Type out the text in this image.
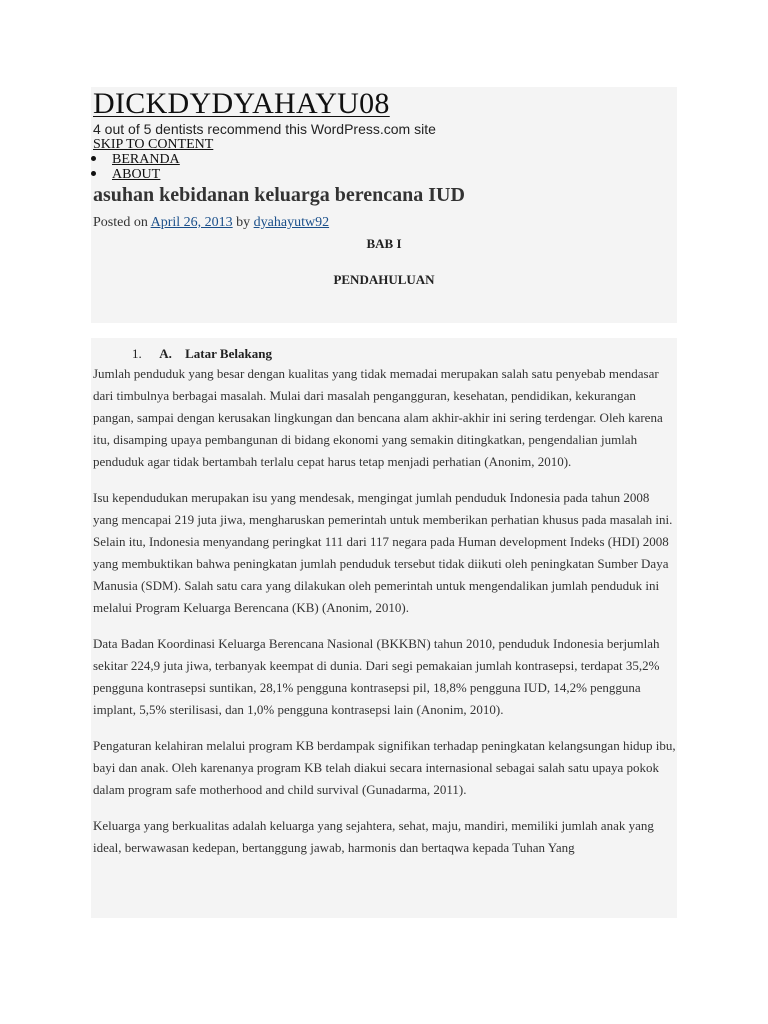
DICKDYDYAHAYU08
4 out of 5 dentists recommend this WordPress.com site
SKIP TO CONTENT
BERANDA
ABOUT
asuhan kebidanan keluarga berencana IUD
Posted on April 26, 2013 by dyahayutw92
BAB I
PENDAHULUAN
1. A. Latar Belakang

Jumlah penduduk yang besar dengan kualitas yang tidak memadai merupakan salah satu penyebab mendasar dari timbulnya berbagai masalah. Mulai dari masalah pengangguran, kesehatan, pendidikan, kekurangan pangan, sampai dengan kerusakan lingkungan dan bencana alam akhir-akhir ini sering terdengar. Oleh karena itu, disamping upaya pembangunan di bidang ekonomi yang semakin ditingkatkan, pengendalian jumlah penduduk agar tidak bertambah terlalu cepat harus tetap menjadi perhatian (Anonim, 2010).

Isu kependudukan merupakan isu yang mendesak, mengingat jumlah penduduk Indonesia pada tahun 2008 yang mencapai 219 juta jiwa, mengharuskan pemerintah untuk memberikan perhatian khusus pada masalah ini. Selain itu, Indonesia menyandang peringkat 111 dari 117 negara pada Human development Indeks (HDI) 2008 yang membuktikan bahwa peningkatan jumlah penduduk tersebut tidak diikuti oleh peningkatan Sumber Daya Manusia (SDM). Salah satu cara yang dilakukan oleh pemerintah untuk mengendalikan jumlah penduduk ini melalui Program Keluarga Berencana (KB) (Anonim, 2010).

Data Badan Koordinasi Keluarga Berencana Nasional (BKKBN) tahun 2010, penduduk Indonesia berjumlah sekitar 224,9 juta jiwa, terbanyak keempat di dunia. Dari segi pemakaian jumlah kontrasepsi, terdapat 35,2% pengguna kontrasepsi suntikan, 28,1% pengguna kontrasepsi pil, 18,8% pengguna IUD, 14,2% pengguna implant, 5,5% sterilisasi, dan 1,0% pengguna kontrasepsi lain (Anonim, 2010).

Pengaturan kelahiran melalui program KB berdampak signifikan terhadap peningkatan kelangsungan hidup ibu, bayi dan anak. Oleh karenanya program KB telah diakui secara internasional sebagai salah satu upaya pokok dalam program safe motherhood and child survival (Gunadarma, 2011).

Keluarga yang berkualitas adalah keluarga yang sejahtera, sehat, maju, mandiri, memiliki jumlah anak yang ideal, berwawasan kedepan, bertanggung jawab, harmonis dan bertaqwa kepada Tuhan Yang
